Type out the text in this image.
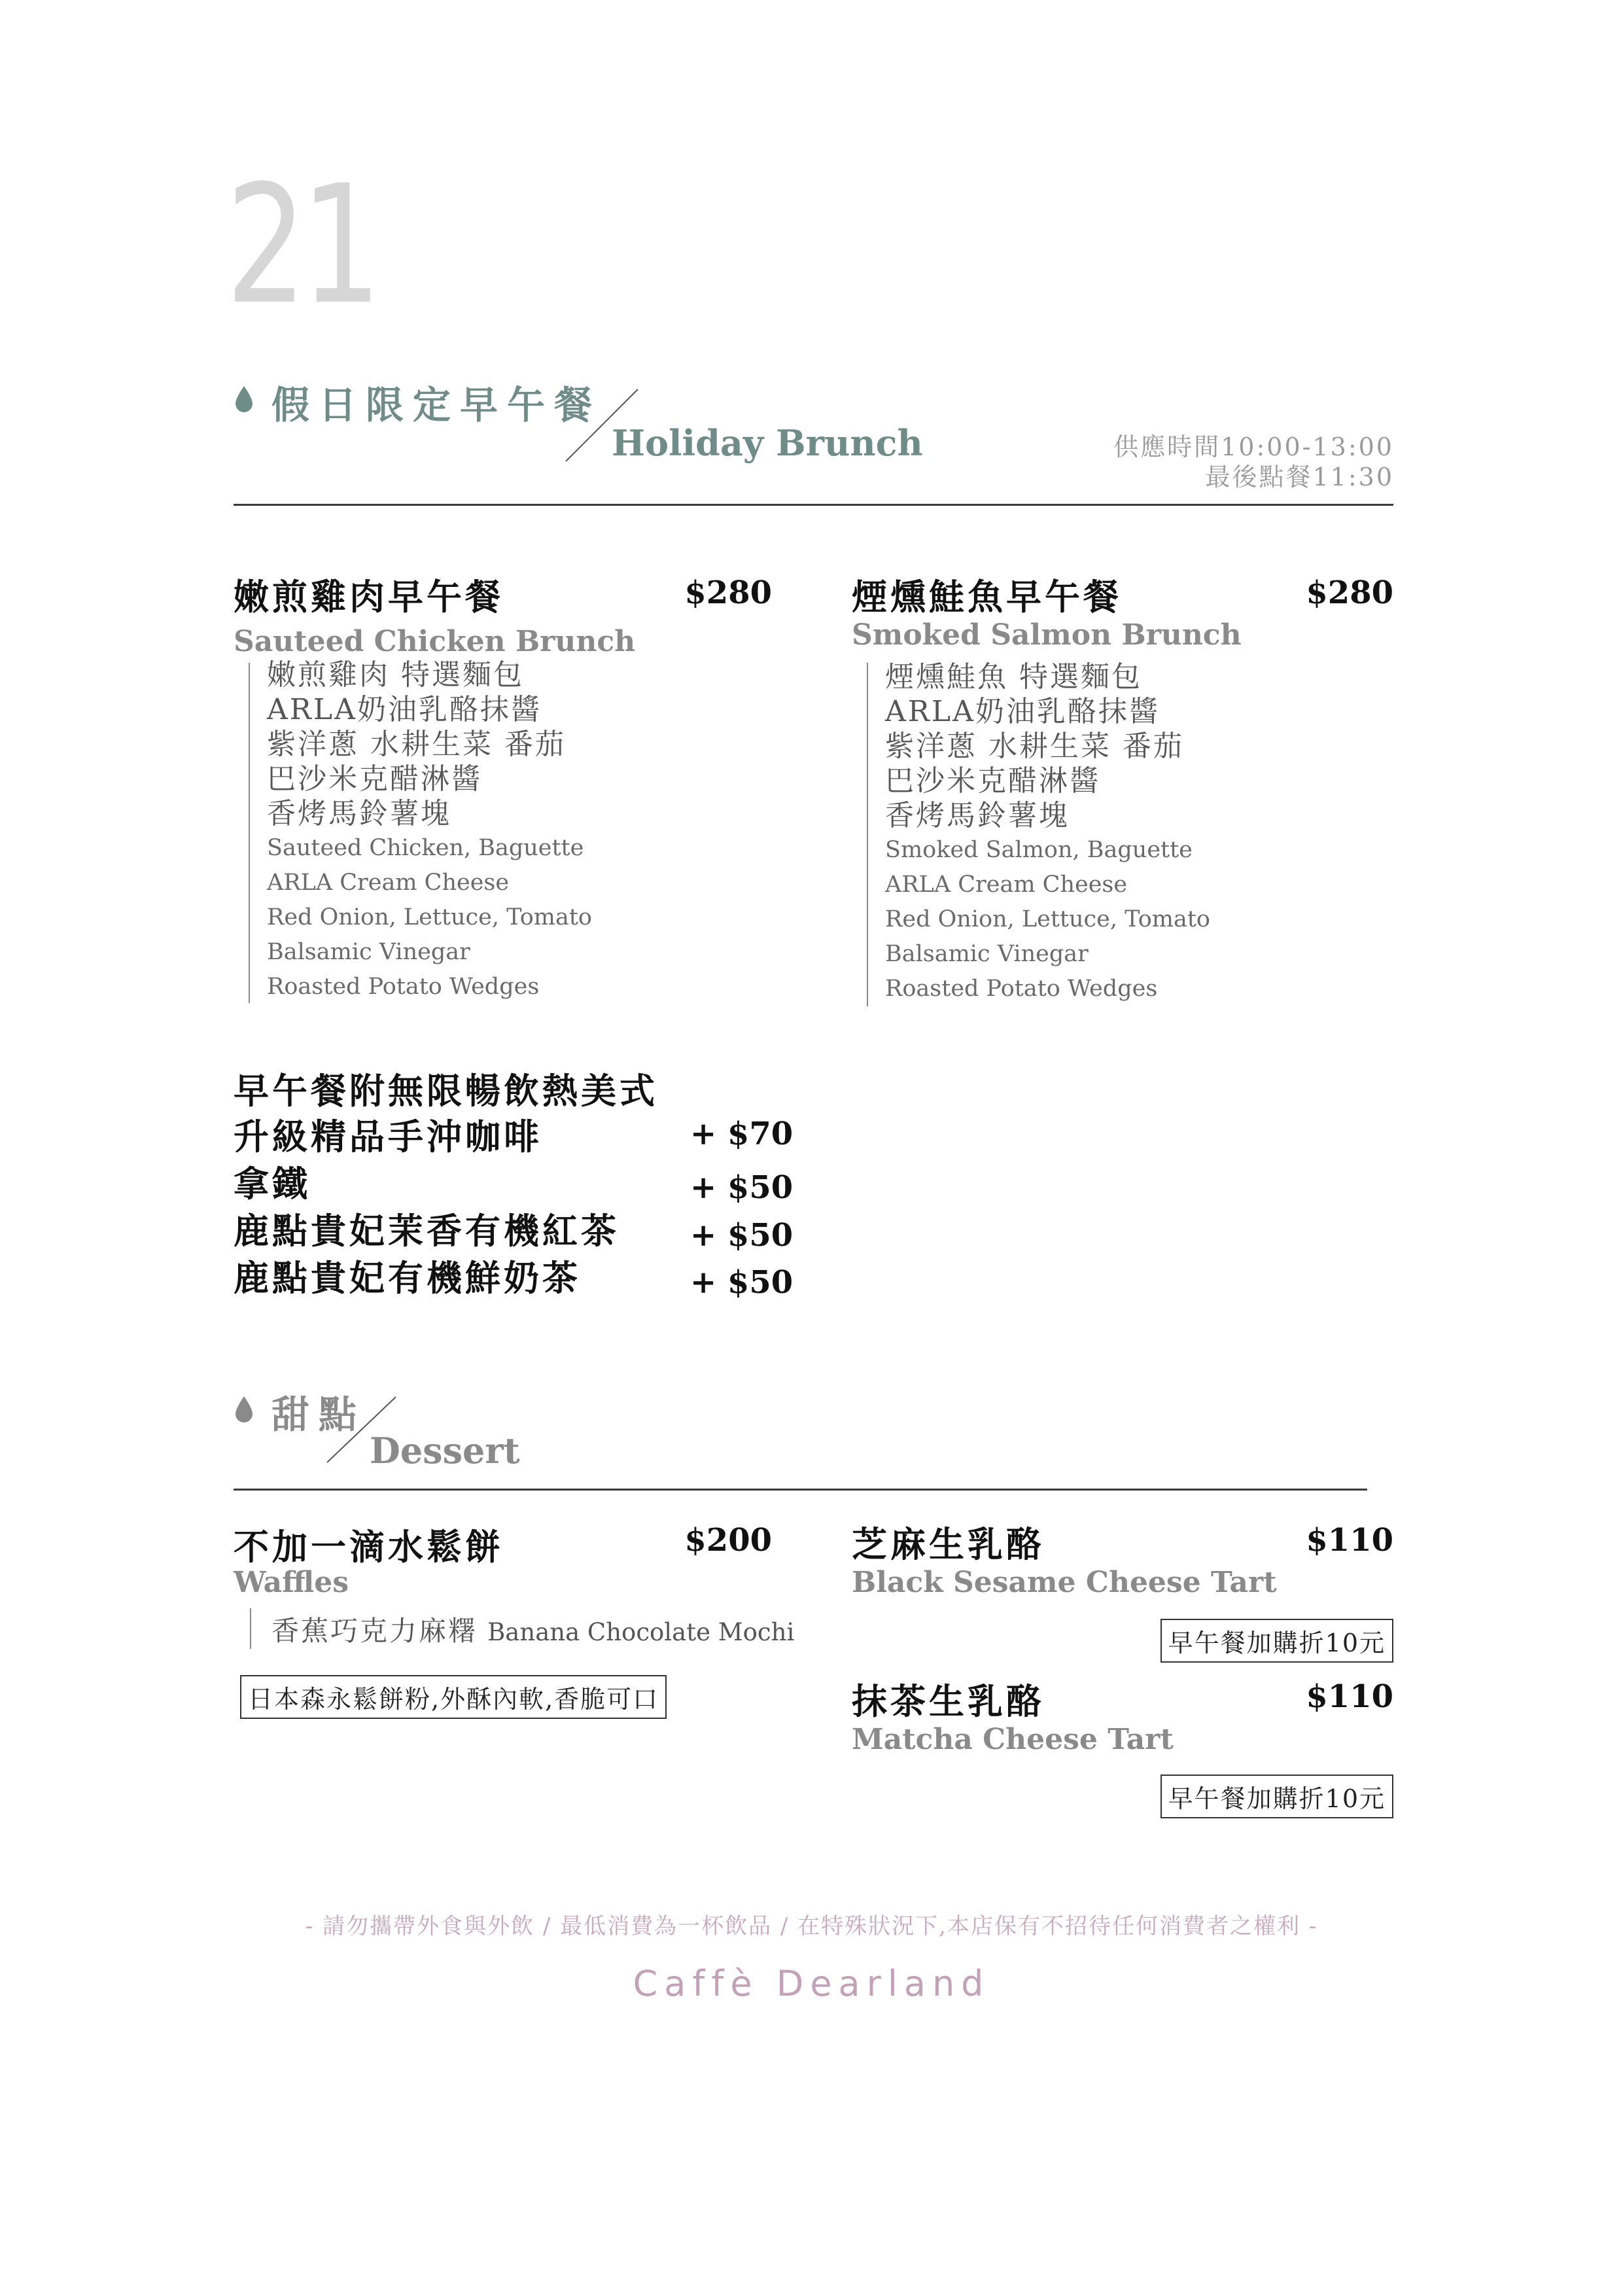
21
假日限定早午餐
Holiday Brunch	供應時間10:00-13:00
最後點餐11:30
嫩煎雞肉早午餐	$280
Sauteed Chicken Brunch
嫩煎雞肉 特選麵包
ARLA奶油乳酪抹醬
紫洋蔥 水耕生菜 番茄
巴沙米克醋淋醬
香烤馬鈴薯塊
Sauteed Chicken, Baguette
ARLA Cream Cheese
Red Onion, Lettuce, Tomato
Balsamic Vinegar
Roasted Potato Wedges
煙燻鮭魚早午餐	$280
Smoked Salmon Brunch
煙燻鮭魚 特選麵包
ARLA奶油乳酪抹醬
紫洋蔥 水耕生菜 番茄
巴沙米克醋淋醬
香烤馬鈴薯塊
Smoked Salmon, Baguette
ARLA Cream Cheese
Red Onion, Lettuce, Tomato
Balsamic Vinegar
Roasted Potato Wedges
早午餐附無限暢飲熱美式
升級精品手沖咖啡	+ $70
拿鐵	+ $50
鹿點貴妃茉香有機紅茶 + $50
鹿點貴妃有機鮮奶茶	+ $50
甜點
Dessert
不加一滴水鬆餅	$200
Waffles
香蕉巧克力麻糬 Banana Chocolate Mochi
日本森永鬆餅粉,外酥內軟,香脆可口
芝麻生乳酪	$110
Black Sesame Cheese Tart
早午餐加購折10元
抹茶生乳酪	$110
Matcha Cheese Tart
早午餐加購折10元
- 請勿攜帶外食與外飲 / 最低消費為一杯飲品 / 在特殊狀況下,本店保有不招待任何消費者之權利 -
Caffè Dearland
